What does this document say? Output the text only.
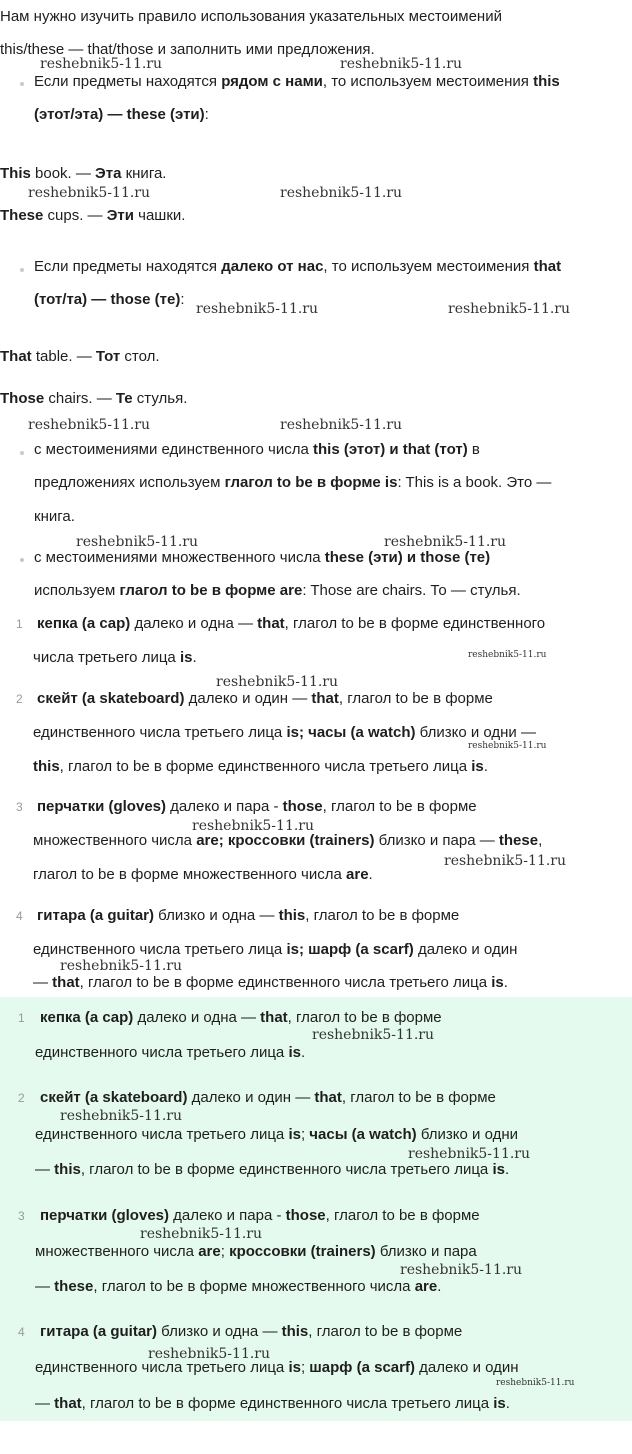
Нам нужно изучить правило использования указательных местоимений
this/these — that/those и заполнить ими предложения.
Если предметы находятся рядом с нами, то используем местоимения this
(этот/эта) — these (эти):
This book. — Эта книга.
These cups. — Эти чашки.
Если предметы находятся далеко от нас, то используем местоимения that
(тот/та) — those (те):
That table. — Тот стол.
Those chairs. — Те стулья.
с местоимениями единственного числа this (этот) и that (тот) в
предложениях используем глагол to be в форме is: This is a book. Это —
книга.
с местоимениями множественного числа these (эти) и those (те)
используем глагол to be в форме are: Those are chairs. То — стулья.
1 кепка (a cap) далеко и одна — that, глагол to be в форме единственного
числа третьего лица is.
2 скейт (a skateboard) далеко и один — that, глагол to be в форме
единственного числа третьего лица is; часы (a watch) близко и одни —
this, глагол to be в форме единственного числа третьего лица is.
3 перчатки (gloves) далеко и пара - those, глагол to be в форме
множественного числа are; кроссовки (trainers) близко и пара — these,
глагол to be в форме множественного числа are.
4 гитара (a guitar) близко и одна — this, глагол to be в форме
единственного числа третьего лица is; шарф (a scarf) далеко и один
— that, глагол to be в форме единственного числа третьего лица is.
1 кепка (a cap) далеко и одна — that, глагол to be в форме
единственного числа третьего лица is.
2 скейт (a skateboard) далеко и один — that, глагол to be в форме
единственного числа третьего лица is; часы (a watch) близко и одни
— this, глагол to be в форме единственного числа третьего лица is.
3 перчатки (gloves) далеко и пара - those, глагол to be в форме
множественного числа are; кроссовки (trainers) близко и пара
— these, глагол to be в форме множественного числа are.
4 гитара (a guitar) близко и одна — this, глагол to be в форме
единственного числа третьего лица is; шарф (a scarf) далеко и один
— that, глагол to be в форме единственного числа третьего лица is.
reshebnik5-11.ru	reshebnik5-11.ru
reshebnik5-11.ru	reshebnik5-11.ru
reshebnik5-11.ru	reshebnik5-11.ru
reshebnik5-11.ru	reshebnik5-11.ru
reshebnik5-11.ru	reshebnik5-11.ru
reshebnik5-11.ru
reshebnik5-11.ru
reshebnik5-11.ru
reshebnik5-11.ru
reshebnik5-11.ru
reshebnik5-11.ru
reshebnik5-11.ru
reshebnik5-11.ru
reshebnik5-11.ru
reshebnik5-11.ru
reshebnik5-11.ru
reshebnik5-11.ru
reshebnik5-11.ru
